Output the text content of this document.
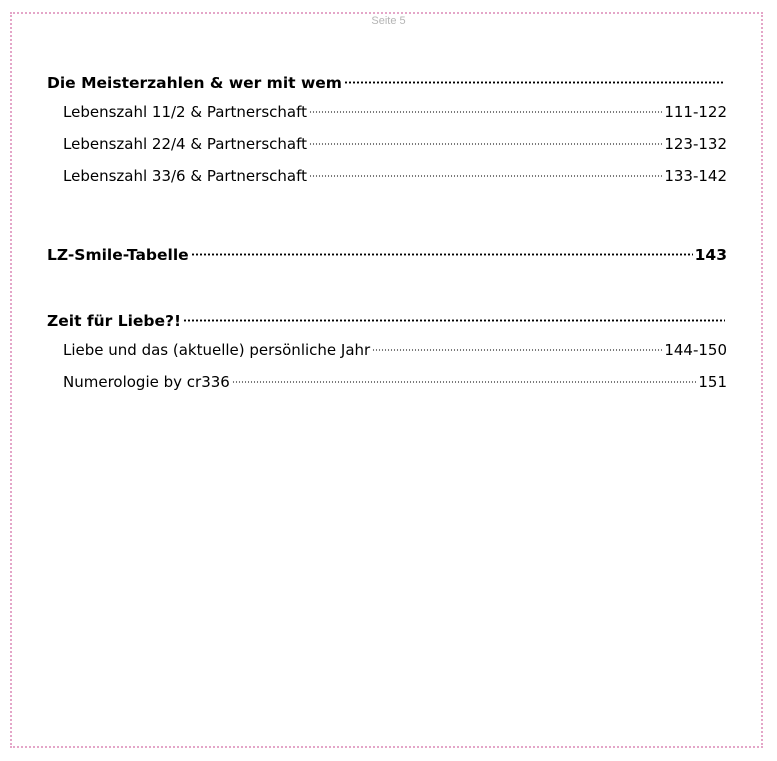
Seite 5
Die Meisterzahlen & wer mit wem
Lebenszahl 11/2 & Partnerschaft	111-122
Lebenszahl 22/4 & Partnerschaft	123-132
Lebenszahl 33/6 & Partnerschaft	133-142
LZ-Smile-Tabelle	143
Zeit für Liebe?!
Liebe und das (aktuelle) persönliche Jahr	144-150
Numerologie by cr336	151
